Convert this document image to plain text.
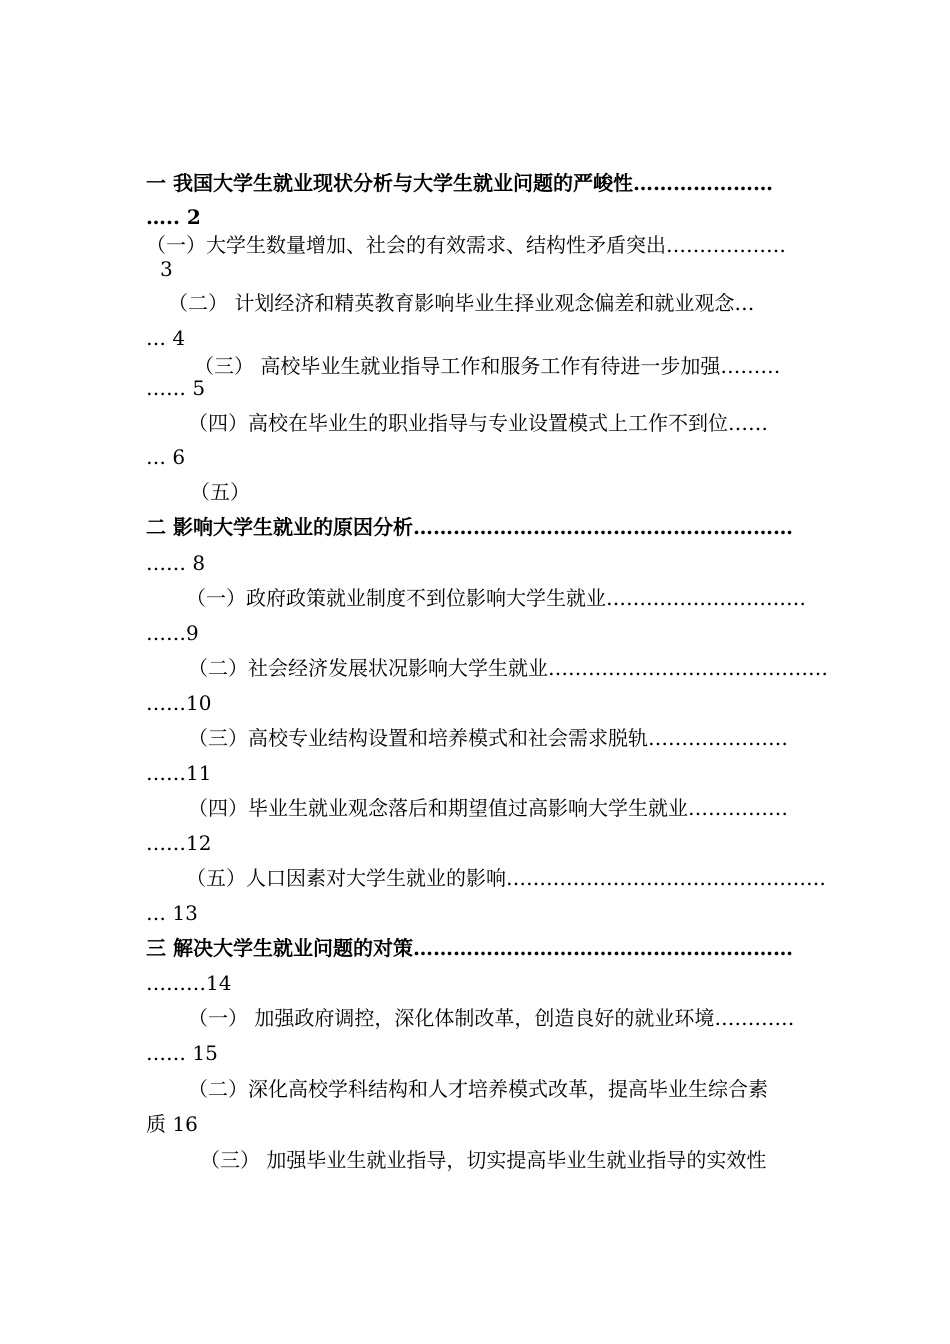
一 我国大学生就业现状分析与大学生就业问题的严峻性…………………
….. 2
（一）大学生数量增加、社会的有效需求、结构性矛盾突出………………
3
（二） 计划经济和精英教育影响毕业生择业观念偏差和就业观念…
… 4
（三） 高校毕业生就业指导工作和服务工作有待进一步加强………
…… 5
（四）高校在毕业生的职业指导与专业设置模式上工作不到位……
… 6
（五）
二 影响大学生就业的原因分析…………………………………………………
…… 8
（一）政府政策就业制度不到位影响大学生就业…………………………
……9
（二）社会经济发展状况影响大学生就业……………………………………
……10
（三）高校专业结构设置和培养模式和社会需求脱轨…………………
……11
（四）毕业生就业观念落后和期望值过高影响大学生就业……………
……12
（五）人口因素对大学生就业的影响…………………………………………
… 13
三 解决大学生就业问题的对策…………………………………………………
………14
（一） 加强政府调控，深化体制改革，创造良好的就业环境…………
…… 15
（二）深化高校学科结构和人才培养模式改革，提高毕业生综合素
质 16
（三） 加强毕业生就业指导，切实提高毕业生就业指导的实效性
